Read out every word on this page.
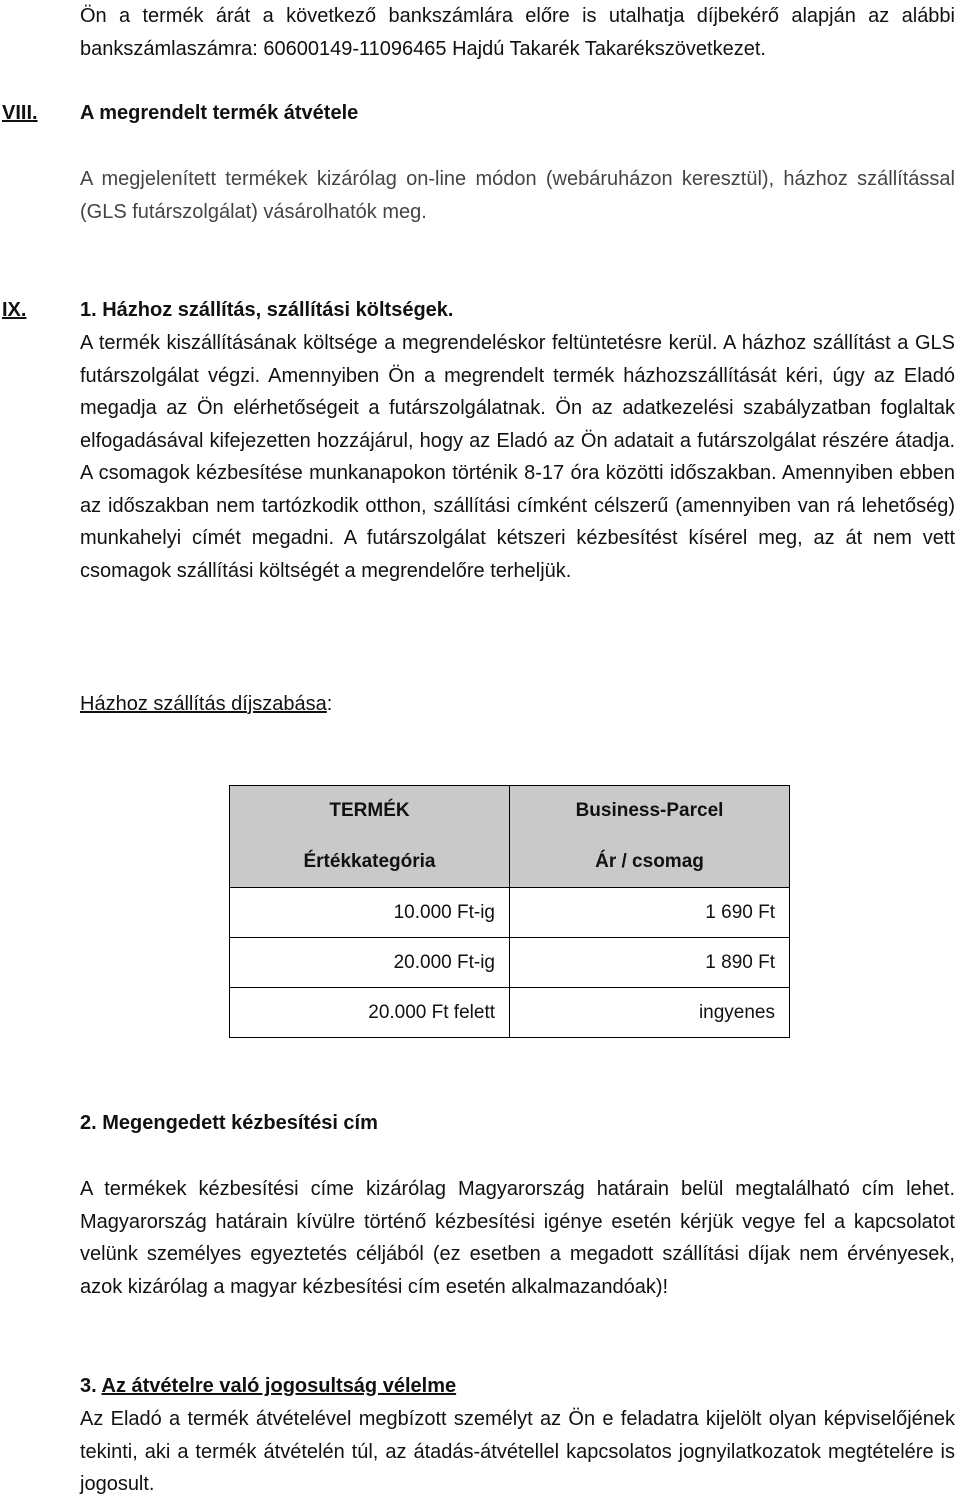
Ön a termék árát a következő bankszámlára előre is utalhatja díjbekérő alapján az alábbi bankszámlaszámra: 60600149-11096465 Hajdú Takarék Takarékszövetkezet.
VIII. A megrendelt termék átvétele
A megjelenített termékek kizárólag on-line módon (webáruházon keresztül), házhoz szállítással (GLS futárszolgálat) vásárolhatók meg.
IX.	1. Házhoz szállítás, szállítási költségek.
A termék kiszállításának költsége a megrendeléskor feltüntetésre kerül. A házhoz szállítást a GLS futárszolgálat végzi. Amennyiben Ön a megrendelt termék házhozszállítását kéri, úgy az Eladó megadja az Ön elérhetőségeit a futárszolgálatnak. Ön az adatkezelési szabályzatban foglaltak elfogadásával kifejezetten hozzájárul, hogy az Eladó az Ön adatait a futárszolgálat részére átadja. A csomagok kézbesítése munkanapokon történik 8-17 óra közötti időszakban. Amennyiben ebben az időszakban nem tartózkodik otthon, szállítási címként célszerű (amennyiben van rá lehetőség) munkahelyi címét megadni. A futárszolgálat kétszeri kézbesítést kísérel meg, az át nem vett csomagok szállítási költségét a megrendelőre terheljük.
Házhoz szállítás díjszabása:
TERMÉK	Business-Parcel
Értékkategória	Ár / csomag
10.000 Ft-ig	1 690 Ft
20.000 Ft-ig	1 890 Ft
20.000 Ft felett	ingyenes
2. Megengedett kézbesítési cím
A termékek kézbesítési címe kizárólag Magyarország határain belül megtalálható cím lehet. Magyarország határain kívülre történő kézbesítési igénye esetén kérjük vegye fel a kapcsolatot velünk személyes egyeztetés céljából (ez esetben a megadott szállítási díjak nem érvényesek, azok kizárólag a magyar kézbesítési cím esetén alkalmazandóak)!
3. Az átvételre való jogosultság vélelme
Az Eladó a termék átvételével megbízott személyt az Ön e feladatra kijelölt olyan képviselőjének tekinti, aki a termék átvételén túl, az átadás-átvétellel kapcsolatos jognyilatkozatok megtételére is jogosult.
